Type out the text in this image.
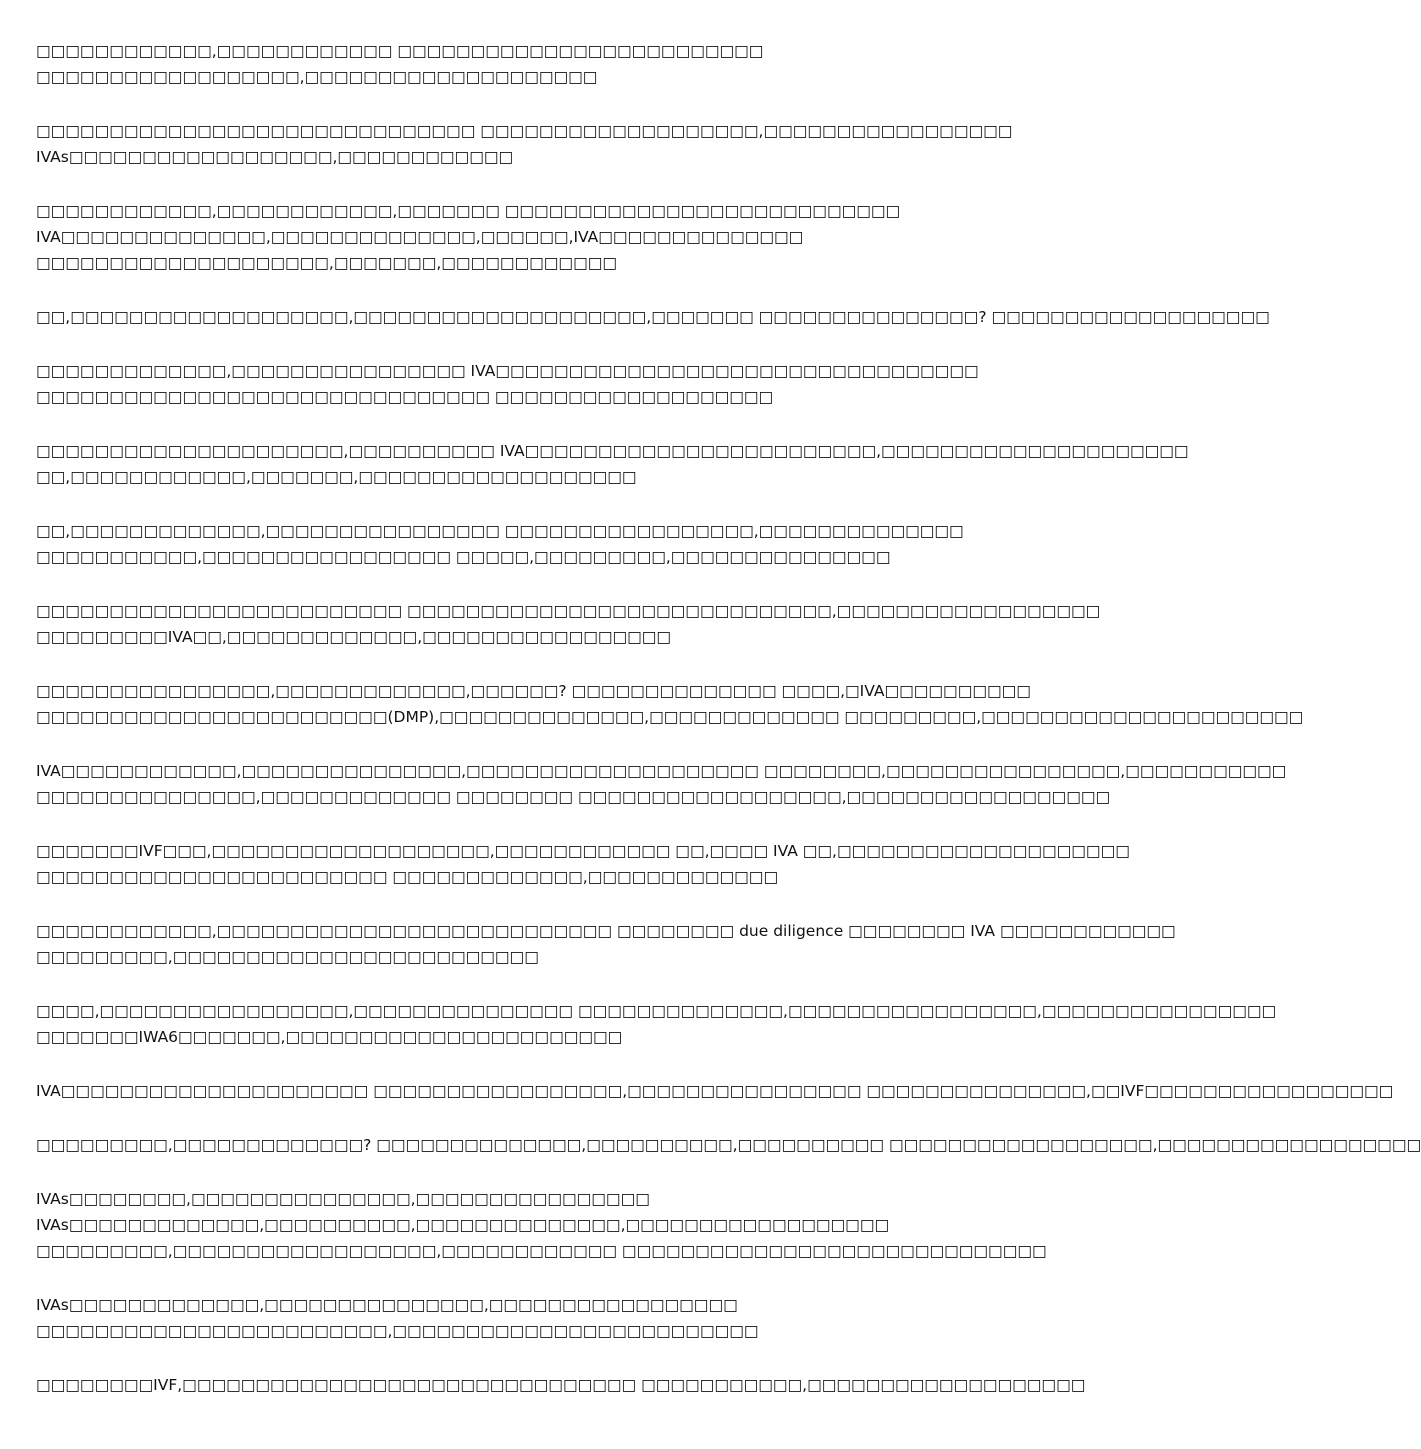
□□□□□□□□□□□□,□□□□□□□□□□□□ □□□□□□□□□□□□□□□□□□□□□□□□□
□□□□□□□□□□□□□□□□□□,□□□□□□□□□□□□□□□□□□□□
□□□□□□□□□□□□□□□□□□□□□□□□□□□□□□ □□□□□□□□□□□□□□□□□□□,□□□□□□□□□□□□□□□□□
IVAs□□□□□□□□□□□□□□□□□□,□□□□□□□□□□□□
□□□□□□□□□□□□,□□□□□□□□□□□□,□□□□□□□ □□□□□□□□□□□□□□□□□□□□□□□□□□□
IVA□□□□□□□□□□□□□□,□□□□□□□□□□□□□□,□□□□□□,IVA□□□□□□□□□□□□□□
□□□□□□□□□□□□□□□□□□□□,□□□□□□□,□□□□□□□□□□□□
□□,□□□□□□□□□□□□□□□□□□□,□□□□□□□□□□□□□□□□□□□□,□□□□□□□ □□□□□□□□□□□□□□□? □□□□□□□□□□□□□□□□□□□
□□□□□□□□□□□□□,□□□□□□□□□□□□□□□□ IVA□□□□□□□□□□□□□□□□□□□□□□□□□□□□□□□□□
□□□□□□□□□□□□□□□□□□□□□□□□□□□□□□□ □□□□□□□□□□□□□□□□□□□
□□□□□□□□□□□□□□□□□□□□□,□□□□□□□□□□ IVA□□□□□□□□□□□□□□□□□□□□□□□□,□□□□□□□□□□□□□□□□□□□□□
□□,□□□□□□□□□□□□,□□□□□□□,□□□□□□□□□□□□□□□□□□□
□□,□□□□□□□□□□□□□,□□□□□□□□□□□□□□□□ □□□□□□□□□□□□□□□□□,□□□□□□□□□□□□□□
□□□□□□□□□□□,□□□□□□□□□□□□□□□□□ □□□□□,□□□□□□□□□,□□□□□□□□□□□□□□□
□□□□□□□□□□□□□□□□□□□□□□□□□ □□□□□□□□□□□□□□□□□□□□□□□□□□□□□,□□□□□□□□□□□□□□□□□□
□□□□□□□□□IVA□□,□□□□□□□□□□□□□,□□□□□□□□□□□□□□□□□
□□□□□□□□□□□□□□□□,□□□□□□□□□□□□□,□□□□□□? □□□□□□□□□□□□□□ □□□□,□IVA□□□□□□□□□□
□□□□□□□□□□□□□□□□□□□□□□□□(DMP),□□□□□□□□□□□□□□,□□□□□□□□□□□□□ □□□□□□□□□,□□□□□□□□□□□□□□□□□□□□□□
IVA□□□□□□□□□□□□,□□□□□□□□□□□□□□□,□□□□□□□□□□□□□□□□□□□□ □□□□□□□□,□□□□□□□□□□□□□□□□,□□□□□□□□□□□
□□□□□□□□□□□□□□□,□□□□□□□□□□□□□ □□□□□□□□ □□□□□□□□□□□□□□□□□□,□□□□□□□□□□□□□□□□□□
□□□□□□□IVF□□□,□□□□□□□□□□□□□□□□□□□,□□□□□□□□□□□□ □□,□□□□ IVA □□,□□□□□□□□□□□□□□□□□□□□
□□□□□□□□□□□□□□□□□□□□□□□□ □□□□□□□□□□□□□,□□□□□□□□□□□□□
□□□□□□□□□□□□,□□□□□□□□□□□□□□□□□□□□□□□□□□□ □□□□□□□□ due diligence □□□□□□□□ IVA □□□□□□□□□□□□
□□□□□□□□□,□□□□□□□□□□□□□□□□□□□□□□□□□
□□□□,□□□□□□□□□□□□□□□□□,□□□□□□□□□□□□□□□ □□□□□□□□□□□□□□,□□□□□□□□□□□□□□□□□,□□□□□□□□□□□□□□□□
□□□□□□□IWA6□□□□□□□,□□□□□□□□□□□□□□□□□□□□□□□
IVA□□□□□□□□□□□□□□□□□□□□□ □□□□□□□□□□□□□□□□□,□□□□□□□□□□□□□□□□ □□□□□□□□□□□□□□□,□□IVF□□□□□□□□□□□□□□□□□
□□□□□□□□□,□□□□□□□□□□□□□? □□□□□□□□□□□□□□,□□□□□□□□□□,□□□□□□□□□□ □□□□□□□□□□□□□□□□□□,□□□□□□□□□□□□□□□□□□
IVAs□□□□□□□□,□□□□□□□□□□□□□□□,□□□□□□□□□□□□□□□□
IVAs□□□□□□□□□□□□□,□□□□□□□□□□,□□□□□□□□□□□□□□,□□□□□□□□□□□□□□□□□□
□□□□□□□□□,□□□□□□□□□□□□□□□□□□,□□□□□□□□□□□□ □□□□□□□□□□□□□□□□□□□□□□□□□□□□□
IVAs□□□□□□□□□□□□□,□□□□□□□□□□□□□□□,□□□□□□□□□□□□□□□□□
□□□□□□□□□□□□□□□□□□□□□□□□,□□□□□□□□□□□□□□□□□□□□□□□□□
□□□□□□□□IVF,□□□□□□□□□□□□□□□□□□□□□□□□□□□□□□□ □□□□□□□□□□□,□□□□□□□□□□□□□□□□□□□
